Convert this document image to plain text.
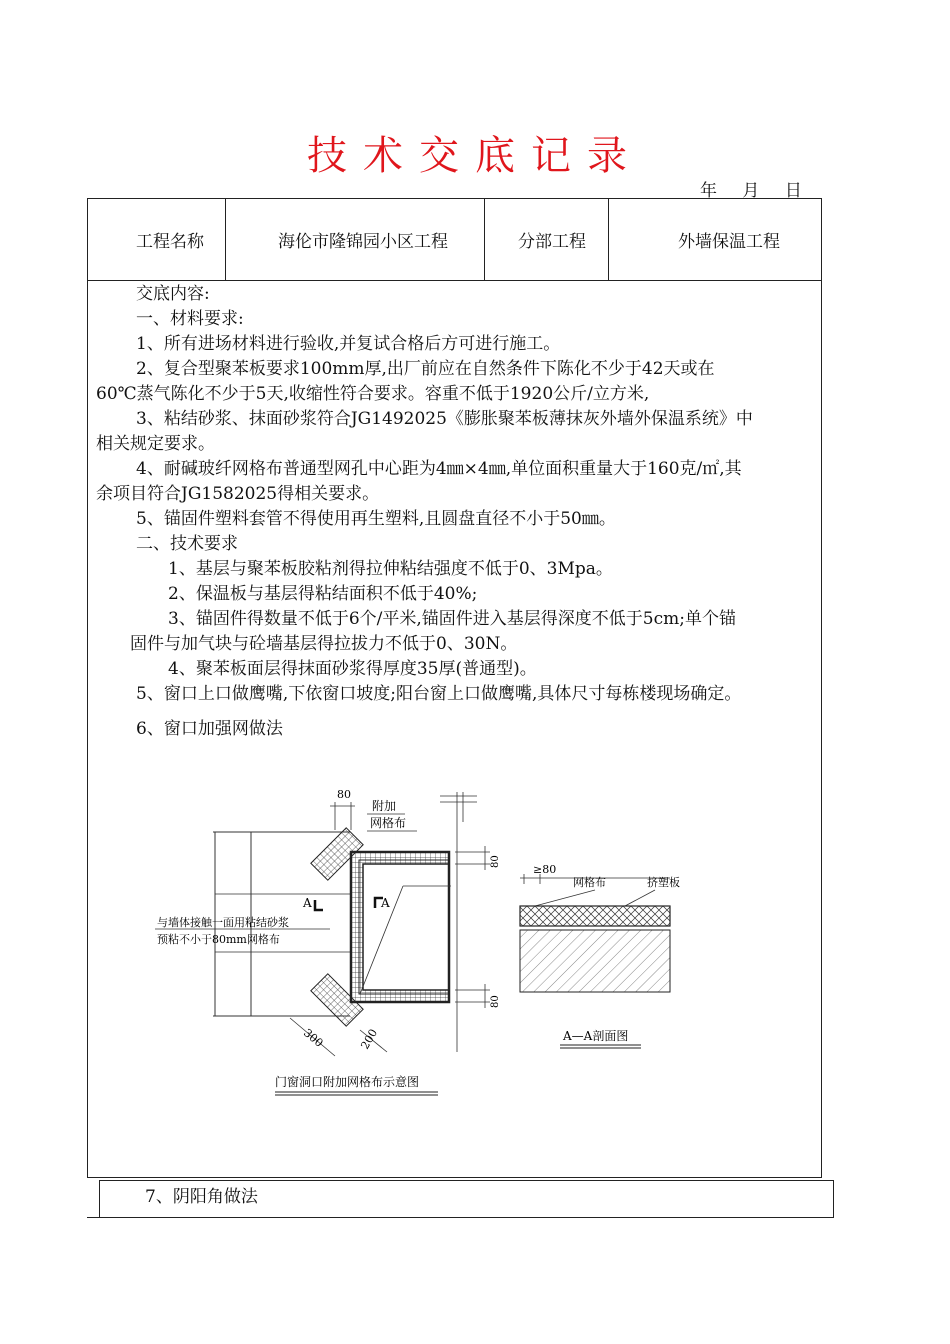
技术交底记录
年 月 日
工程名称	海伦市隆锦园小区工程	分部工程	外墙保温工程
交底内容:
一、材料要求:
1、所有进场材料进行验收,并复试合格后方可进行施工。
2、复合型聚苯板要求100mm厚,出厂前应在自然条件下陈化不少于42天或在
60℃蒸气陈化不少于5天,收缩性符合要求。容重不低于1920公斤/立方米,
3、粘结砂浆、抹面砂浆符合JG1492025《膨胀聚苯板薄抹灰外墙外保温系统》中
相关规定要求。
4、耐碱玻纤网格布普通型网孔中心距为4㎜×4㎜,单位面积重量大于160克/㎡,其
余项目符合JG1582025得相关要求。
5、锚固件塑料套管不得使用再生塑料,且圆盘直径不小于50㎜。
二、技术要求
1、基层与聚苯板胶粘剂得拉伸粘结强度不低于0、3Mpa。
2、保温板与基层得粘结面积不低于40%;
3、锚固件得数量不低于6个/平米,锚固件进入基层得深度不低于5cm;单个锚
固件与加气块与砼墙基层得拉拔力不低于0、30N。
4、聚苯板面层得抹面砂浆得厚度35厚(普通型)。
5、窗口上口做鹰嘴,下依窗口坡度;阳台窗上口做鹰嘴,具体尺寸每栋楼现场确定。
6、窗口加强网做法
80
附加
网格布
A	A
80
80
与墙体接触一面用粘结砂浆
预粘不小于80mm网格布
300	200
门窗洞口附加网格布示意图
≥80
网格布	挤塑板
A—A剖面图
7、阴阳角做法
